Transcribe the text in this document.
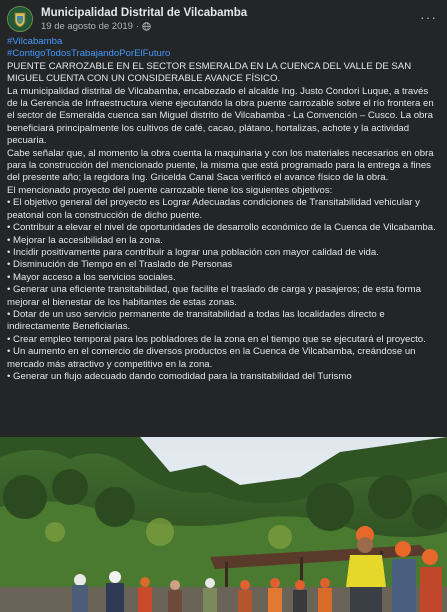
Municipalidad Distrital de Vilcabamba
19 de agosto de 2019 ·
···

#Vilcabamba

#ContigoTodosTrabajandoPorElFuturo

PUENTE CARROZABLE EN EL SECTOR ESMERALDA EN LA CUENCA DEL VALLE DE SAN MIGUEL CUENTA CON UN CONSIDERABLE AVANCE FÍSICO.

La municipalidad distrital de Vilcabamba, encabezado el alcalde Ing. Justo Condori Luque, a través de la Gerencia de Infraestructura viene ejecutando la obra puente carrozable sobre el río frontera en el sector de Esmeralda cuenca san Miguel distrito de Vilcabamba - La Convención – Cusco. La obra beneficiará principalmente los cultivos de café, cacao, plátano, hortalizas, achote y la actividad pecuaria.

Cabe señalar que, al momento la obra cuenta la maquinaria y con los materiales necesarios en obra para la construcción del mencionado puente, la misma que está programado para la entrega a fines del presente año; la regidora Ing. Gricelda Canal Saca verificó el avance físico de la obra.

El mencionado proyecto del puente carrozable tiene los siguientes objetivos:

• El objetivo general del proyecto es Lograr Adecuadas condiciones de Transitabilidad vehicular y peatonal con la construcción de dicho puente.

• Contribuir a elevar el nivel de oportunidades de desarrollo económico de la Cuenca de Vilcabamba.

• Mejorar la accesibilidad en la zona.

• Incidir positivamente para contribuir a lograr una población con mayor calidad de vida.

• Disminución de Tiempo en el Traslado de Personas

• Mayor acceso a los servicios sociales.

• Generar una eficiente transitabilidad, que facilite el traslado de carga y pasajeros; de esta forma mejorar el bienestar de los habitantes de estas zonas.

• Dotar de un uso servicio permanente de transitabilidad a todas las localidades directo e indirectamente Beneficiarias.

• Crear empleo temporal para los pobladores de la zona en el tiempo que se ejecutará el proyecto.

• Un aumento en el comercio de diversos productos en la Cuenca de Vilcabamba, creándose un mercado más atractivo y competitivo en la zona.

• Generar un flujo adecuado dando comodidad para la transitabilidad del Turismo
